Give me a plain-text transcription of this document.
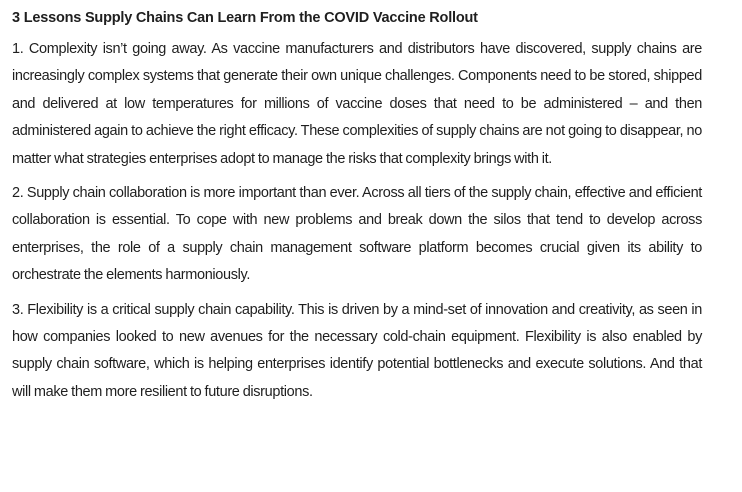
3 Lessons Supply Chains Can Learn From the COVID Vaccine Rollout

1. Complexity isn’t going away. As vaccine manufacturers and distributors have discovered, supply chains are increasingly complex systems that generate their own unique challenges. Components need to be stored, shipped and delivered at low temperatures for millions of vaccine doses that need to be administered – and then administered again to achieve the right efficacy. These complexities of supply chains are not going to disappear, no matter what strategies enterprises adopt to manage the risks that complexity brings with it.

2. Supply chain collaboration is more important than ever. Across all tiers of the supply chain, effective and efficient collaboration is essential. To cope with new problems and break down the silos that tend to develop across enterprises, the role of a supply chain management software platform becomes crucial given its ability to orchestrate the elements harmoniously.

3. Flexibility is a critical supply chain capability. This is driven by a mind-set of innovation and creativity, as seen in how companies looked to new avenues for the necessary cold-chain equipment. Flexibility is also enabled by supply chain software, which is helping enterprises identify potential bottlenecks and execute solutions. And that will make them more resilient to future disruptions.
